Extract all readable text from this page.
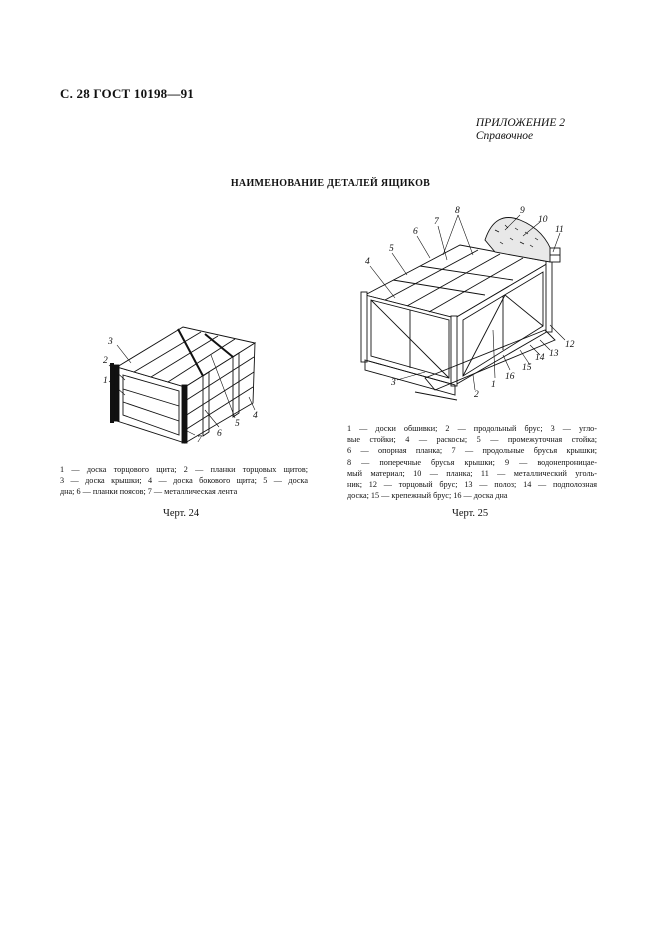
С. 28 ГОСТ 10198—91
ПРИЛОЖЕНИЕ 2
Справочное
НАИМЕНОВАНИЕ ДЕТАЛЕЙ ЯЩИКОВ
3
2
1
4
5
6
7
1 — доска торцового щита; 2 — планки торцовых щитов;
3 — доска крышки; 4 — доска бокового щита; 5 — доска
дна; 6 — планки поясов; 7 — металлическая лента
Черт. 24
4
5
6
7
8	9
10
11
12
13
14
15
16
1
2
3
1 — доски обшивки; 2 — продольный брус; 3 — угло-
вые стойки; 4 — раскосы; 5 — промежуточная стойка;
6 — опорная планка; 7 — продольные брусья крышки;
8 — поперечные брусья крышки; 9 — водонепроницае-
мый материал; 10 — планка; 11 — металлический уголь-
ник; 12 — торцовый брус; 13 — полоз; 14 — подполозная
доска; 15 — крепежный брус; 16 — доска дна
Черт. 25
